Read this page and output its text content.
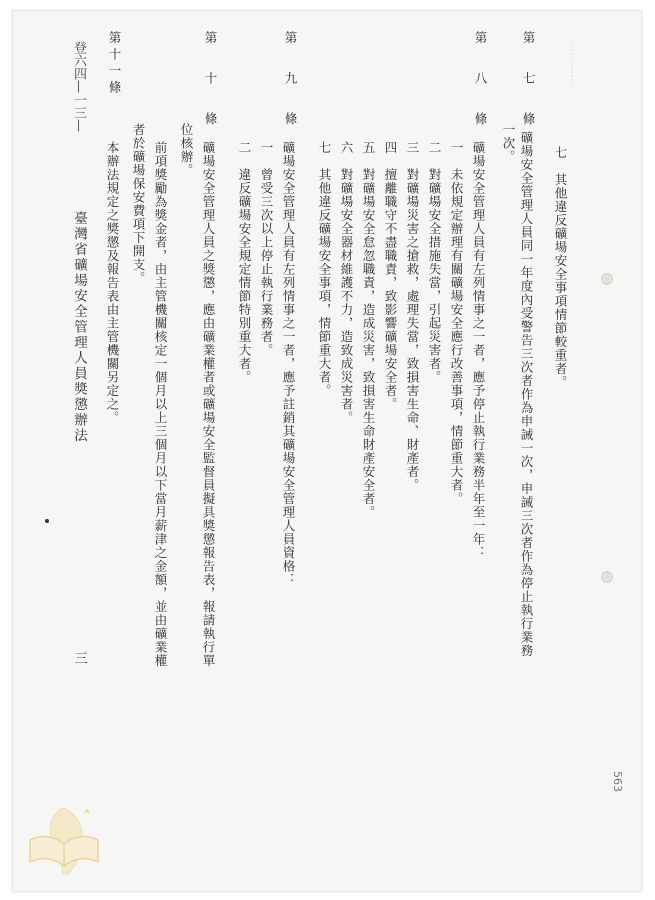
‥‥‥‥‥‥
七　其他違反礦場安全事項情節較重者。
第 七 條
礦場安全管理人員同一年度內受警告三次者作為申誡一次，申誡三次者作為停止執行業務
一次。
第 八 條
礦場安全管理人員有左列情事之一者，應予停止執行業務半年至一年：
一　未依規定辦理有關礦場安全應行改善事項，情節重大者。
二　對礦場安全措施失當，引起災害者。
三　對礦場災害之搶救，處理失當，致損害生命、財產者。
四　擅離職守不盡職責，致影響礦場安全者。
五　對礦場安全怠忽職責，造成災害，致損害生命財產安全者。
六　對礦場安全器材維護不力，造致成災害者。
七　其他違反礦場安全事項，情節重大者。
第 九 條
礦場安全管理人員有左列情事之一者，應予註銷其礦場安全管理人員資格：
一　曾受三次以上停止執行業務者。
二　違反礦場安全規定情節特別重大者。
第 十 條
礦場安全管理人員之獎懲，應由礦業權者或礦場安全監督員擬具獎懲報告表，報請執行單
位核辦。
前項獎勵為獎金者，由主管機關核定一個月以上三個月以下當月薪津之金額，並由礦業權
者於礦場保安費項下開支。
第十一條
本辦法規定之獎懲及報告表由主管機關另定之。
登六四—一三—
臺灣省礦場安全管理人員獎懲辦法
三
563
